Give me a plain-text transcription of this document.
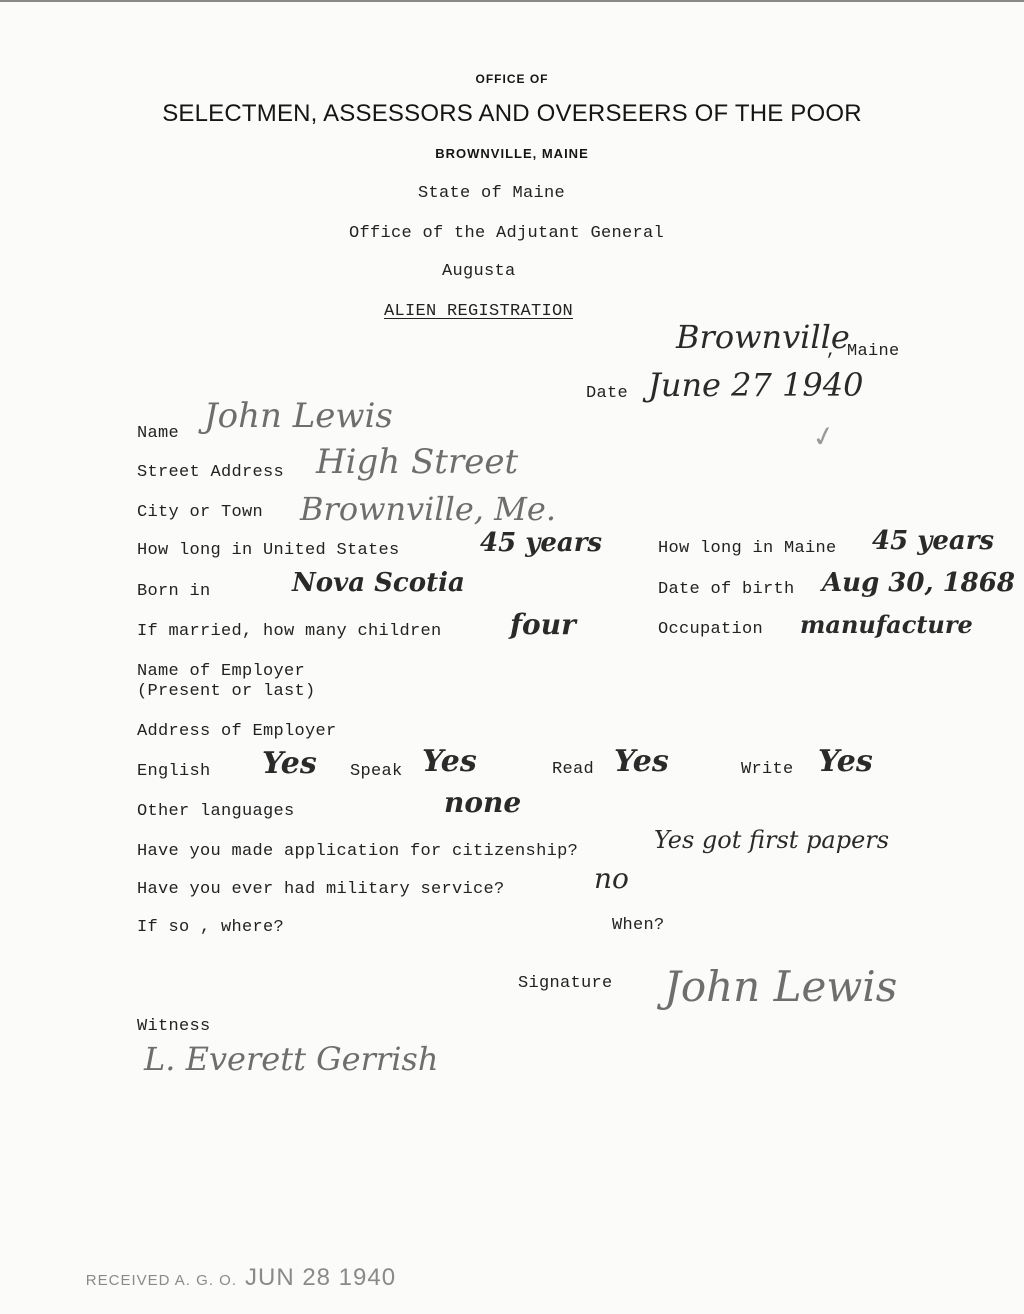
OFFICE OF
SELECTMEN, ASSESSORS AND OVERSEERS OF THE POOR
BROWNVILLE, MAINE
State of Maine
Office of the Adjutant General
Augusta
ALIEN REGISTRATION
Brownville
, Maine
Date June 27 1940
✓
Name John Lewis
Street Address High Street
City or Town Brownville, Me.
How long in United States	45 years	How long in Maine 45 years
Born in	Nova Scotia	Date of birth Aug 30, 1868
If married, how many children four	Occupation manufacture
Name of Employer
(Present or last)
Address of Employer
English Yes Speak Yes	Read Yes	Write Yes
Other languages	none
Have you made application for citizenship?	Yes got first papers
Have you ever had military service?	no
If so , where?	When?
Signature John Lewis
Witness
L. Everett Gerrish

RECEIVED A. G. O. JUN 28 1940
